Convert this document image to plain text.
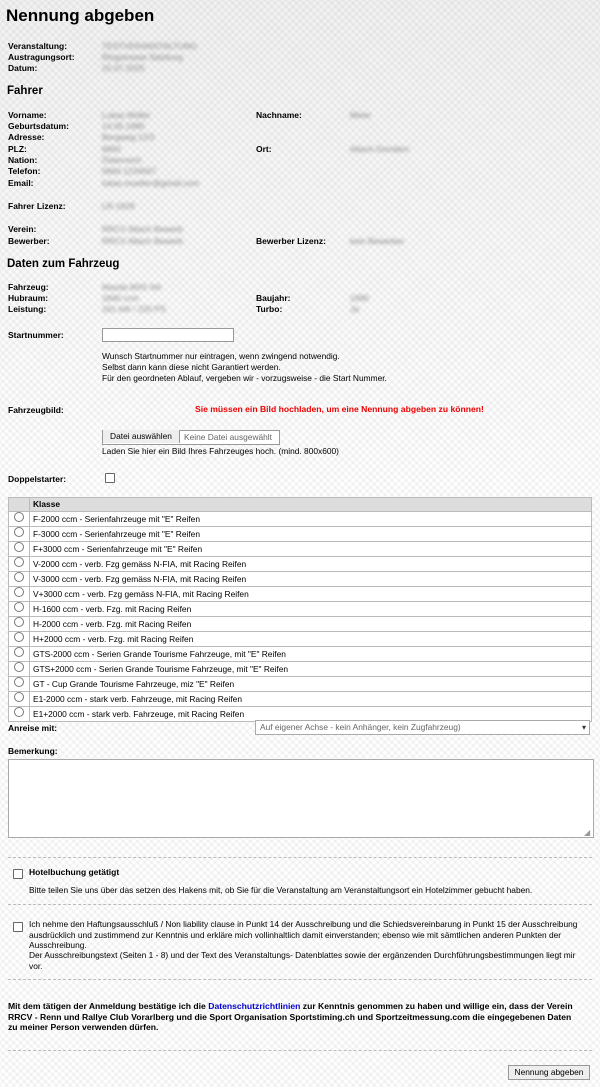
Nennung abgeben
Veranstaltung:	TESTVERANSTALTUNG
Austragungsort:	Ringstrasse Salzburg
Datum:	15.07.2025
Fahrer
Vorname:	Lukas Müller	Nachname:	Meier
Geburtsdatum:	14.05.1985
Adresse:	Bergweg 12/3
PLZ:	6850	Ort:	Altach-Dornbirn
Nation:	Österreich
Telefon:	0664 1234567
Email:	lukas.mueller@gmail.com
Fahrer Lizenz:	LR-1828
Verein:	RRCV Altach Bewerb
Bewerber:	RRCV Altach Bewerb	Bewerber Lizenz:	kein Bewerber
Daten zum Fahrzeug
Fahrzeug:	Mazda MX5 NA
Hubraum:	1840 ccm	Baujahr:	1990
Leistung:	161 kW / 220 PS	Turbo:	Ja
Startnummer:
Wunsch Startnummer nur eintragen, wenn zwingend notwendig.
Selbst dann kann diese nicht Garantiert werden.
Für den geordneten Ablauf, vergeben wir - vorzugsweise - die Start Nummer.
Fahrzeugbild:	Sie müssen ein Bild hochladen, um eine Nennung abgeben zu können!
Datei auswählen	Keine Datei ausgewählt
Laden Sie hier ein Bild Ihres Fahrzeuges hoch. (mind. 800x600)
Doppelstarter:
	Klasse
	F-2000 ccm - Serienfahrzeuge mit "E" Reifen
	F-3000 ccm - Serienfahrzeuge mit "E" Reifen
	F+3000 ccm - Serienfahrzeuge mit "E" Reifen
	V-2000 ccm - verb. Fzg gemäss N-FIA, mit Racing Reifen
	V-3000 ccm - verb. Fzg gemäss N-FIA, mit Racing Reifen
	V+3000 ccm - verb. Fzg gemäss N-FIA, mit Racing Reifen
	H-1600 ccm - verb. Fzg. mit Racing Reifen
	H-2000 ccm - verb. Fzg. mit Racing Reifen
	H+2000 ccm - verb. Fzg. mit Racing Reifen
	GTS-2000 ccm - Serien Grande Tourisme Fahrzeuge, mit "E" Reifen
	GTS+2000 ccm - Serien Grande Tourisme Fahrzeuge, mit "E" Reifen
	GT - Cup Grande Tourisme Fahrzeuge, miz "E" Reifen
	E1-2000 ccm - stark verb. Fahrzeuge, mit Racing Reifen
	E1+2000 ccm - stark verb. Fahrzeuge, mit Racing Reifen
Anreise mit:	Auf eigener Achse - kein Anhänger, kein Zugfahrzeug)	▾
Bemerkung:
◢
Hotelbuchung getätigt
Bitte teilen Sie uns über das setzen des Hakens mit, ob Sie für die Veranstaltung am Veranstaltungsort ein Hotelzimmer gebucht haben.
Ich nehme den Haftungsausschluß / Non liability clause in Punkt 14 der Ausschreibung und die Schiedsvereinbarung in Punkt 15 der Ausschreibung ausdrücklich und zustimmend zur Kenntnis und erkläre mich vollinhaltlich damit einverstanden; ebenso wie mit sämtlichen anderen Punkten der Ausschreibung.
Der Ausschreibungstext (Seiten 1 - 8) und der Text des Veranstaltungs- Datenblattes sowie der ergänzenden Durchführungsbestimmungen liegt mir vor.
Mit dem tätigen der Anmeldung bestätige ich die Datenschutzrichtlinien zur Kenntnis genommen zu haben und willige ein, dass der Verein RRCV - Renn und Rallye Club Vorarlberg und die Sport Organisation Sportstiming.ch und Sportzeitmessung.com die eingegebenen Daten zu meiner Person verwenden dürfen.
Nennung abgeben
